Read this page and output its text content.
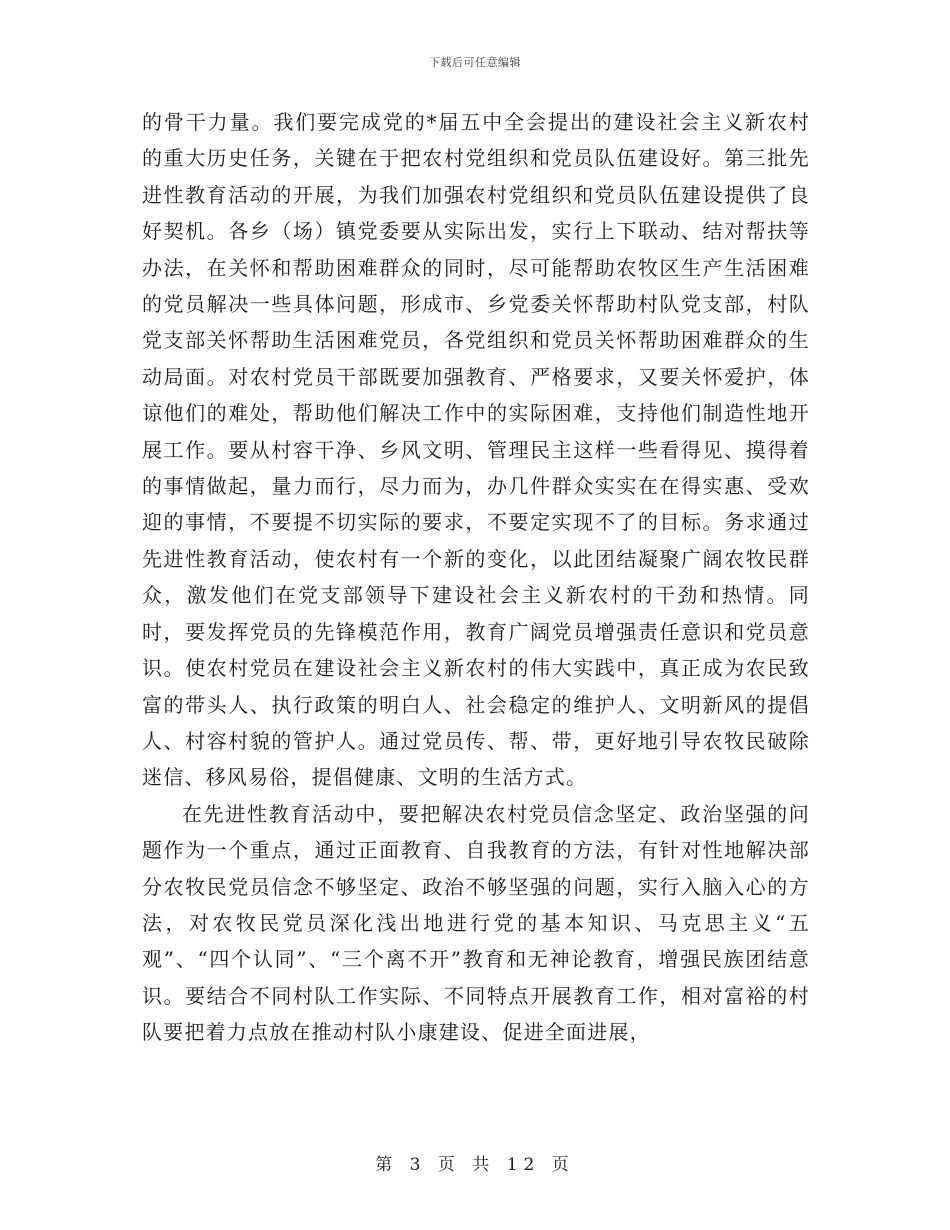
下载后可任意编辑

的骨干力量。我们要完成党的*届五中全会提出的建设社会主义新农村的重大历史任务，关键在于把农村党组织和党员队伍建设好。第三批先进性教育活动的开展，为我们加强农村党组织和党员队伍建设提供了良好契机。各乡（场）镇党委要从实际出发，实行上下联动、结对帮扶等办法，在关怀和帮助困难群众的同时，尽可能帮助农牧区生产生活困难的党员解决一些具体问题，形成市、乡党委关怀帮助村队党支部，村队党支部关怀帮助生活困难党员，各党组织和党员关怀帮助困难群众的生动局面。对农村党员干部既要加强教育、严格要求，又要关怀爱护，体谅他们的难处，帮助他们解决工作中的实际困难，支持他们制造性地开展工作。要从村容干净、乡风文明、管理民主这样一些看得见、摸得着的事情做起，量力而行，尽力而为，办几件群众实实在在得实惠、受欢迎的事情，不要提不切实际的要求，不要定实现不了的目标。务求通过先进性教育活动，使农村有一个新的变化，以此团结凝聚广阔农牧民群众，激发他们在党支部领导下建设社会主义新农村的干劲和热情。同时，要发挥党员的先锋模范作用，教育广阔党员增强责任意识和党员意识。使农村党员在建设社会主义新农村的伟大实践中，真正成为农民致富的带头人、执行政策的明白人、社会稳定的维护人、文明新风的提倡人、村容村貌的管护人。通过党员传、帮、带，更好地引导农牧民破除迷信、移风易俗，提倡健康、文明的生活方式。

在先进性教育活动中，要把解决农村党员信念坚定、政治坚强的问题作为一个重点，通过正面教育、自我教育的方法，有针对性地解决部分农牧民党员信念不够坚定、政治不够坚强的问题，实行入脑入心的方法，对农牧民党员深化浅出地进行党的基本知识、马克思主义“五观”、“四个认同”、“三个离不开”教育和无神论教育，增强民族团结意识。要结合不同村队工作实际、不同特点开展教育工作，相对富裕的村队要把着力点放在推动村队小康建设、促进全面进展，

第 3 页 共 12 页
